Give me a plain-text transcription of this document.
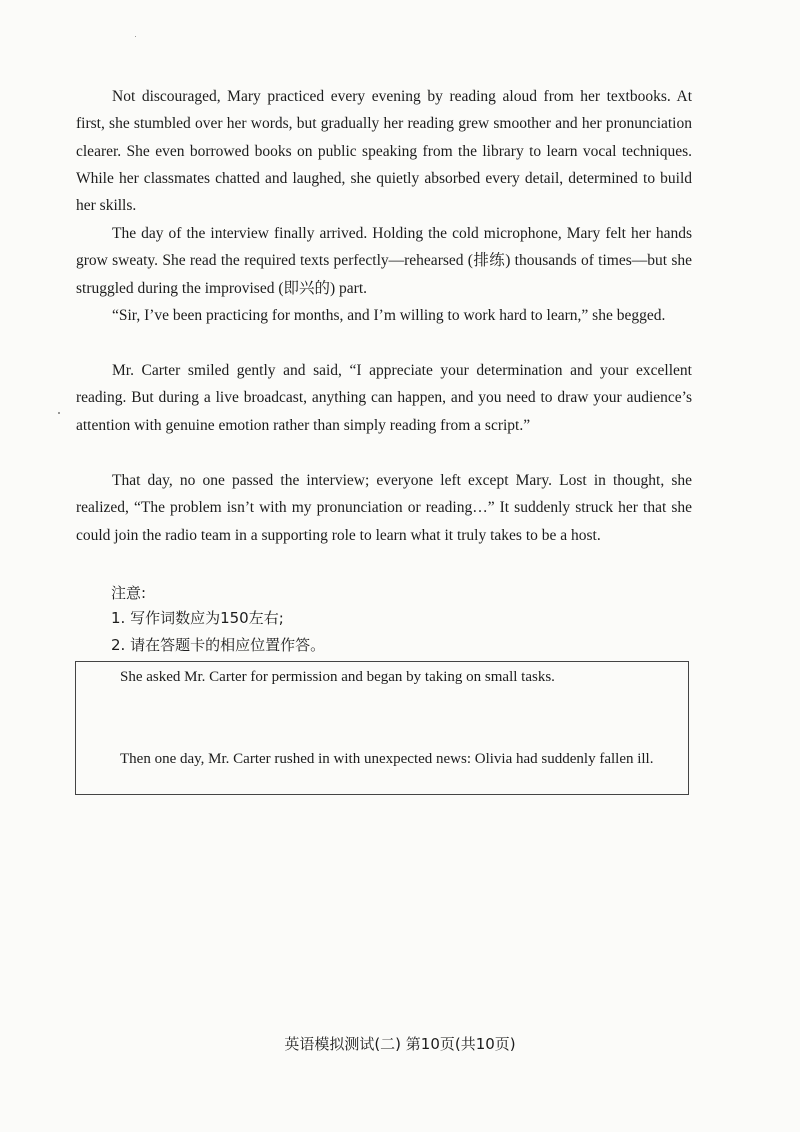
Not discouraged, Mary practiced every evening by reading aloud from her textbooks. At first, she stumbled over her words, but gradually her reading grew smoother and her pronunciation clearer. She even borrowed books on public speaking from the library to learn vocal techniques. While her classmates chatted and laughed, she quietly absorbed every detail, determined to build her skills.

The day of the interview finally arrived. Holding the cold microphone, Mary felt her hands grow sweaty. She read the required texts perfectly—rehearsed (排练) thousands of times—but she struggled during the improvised (即兴的) part.

“Sir, I’ve been practicing for months, and I’m willing to work hard to learn,” she begged.

Mr. Carter smiled gently and said, “I appreciate your determination and your excellent reading. But during a live broadcast, anything can happen, and you need to draw your audience’s attention with genuine emotion rather than simply reading from a script.”

That day, no one passed the interview; everyone left except Mary. Lost in thought, she realized, “The problem isn’t with my pronunciation or reading…” It suddenly struck her that she could join the radio team in a supporting role to learn what it truly takes to be a host.

注意:
1. 写作词数应为150左右;
2. 请在答题卡的相应位置作答。

She asked Mr. Carter for permission and began by taking on small tasks.

Then one day, Mr. Carter rushed in with unexpected news: Olivia had suddenly fallen ill.

英语模拟测试(二) 第10页(共10页)
